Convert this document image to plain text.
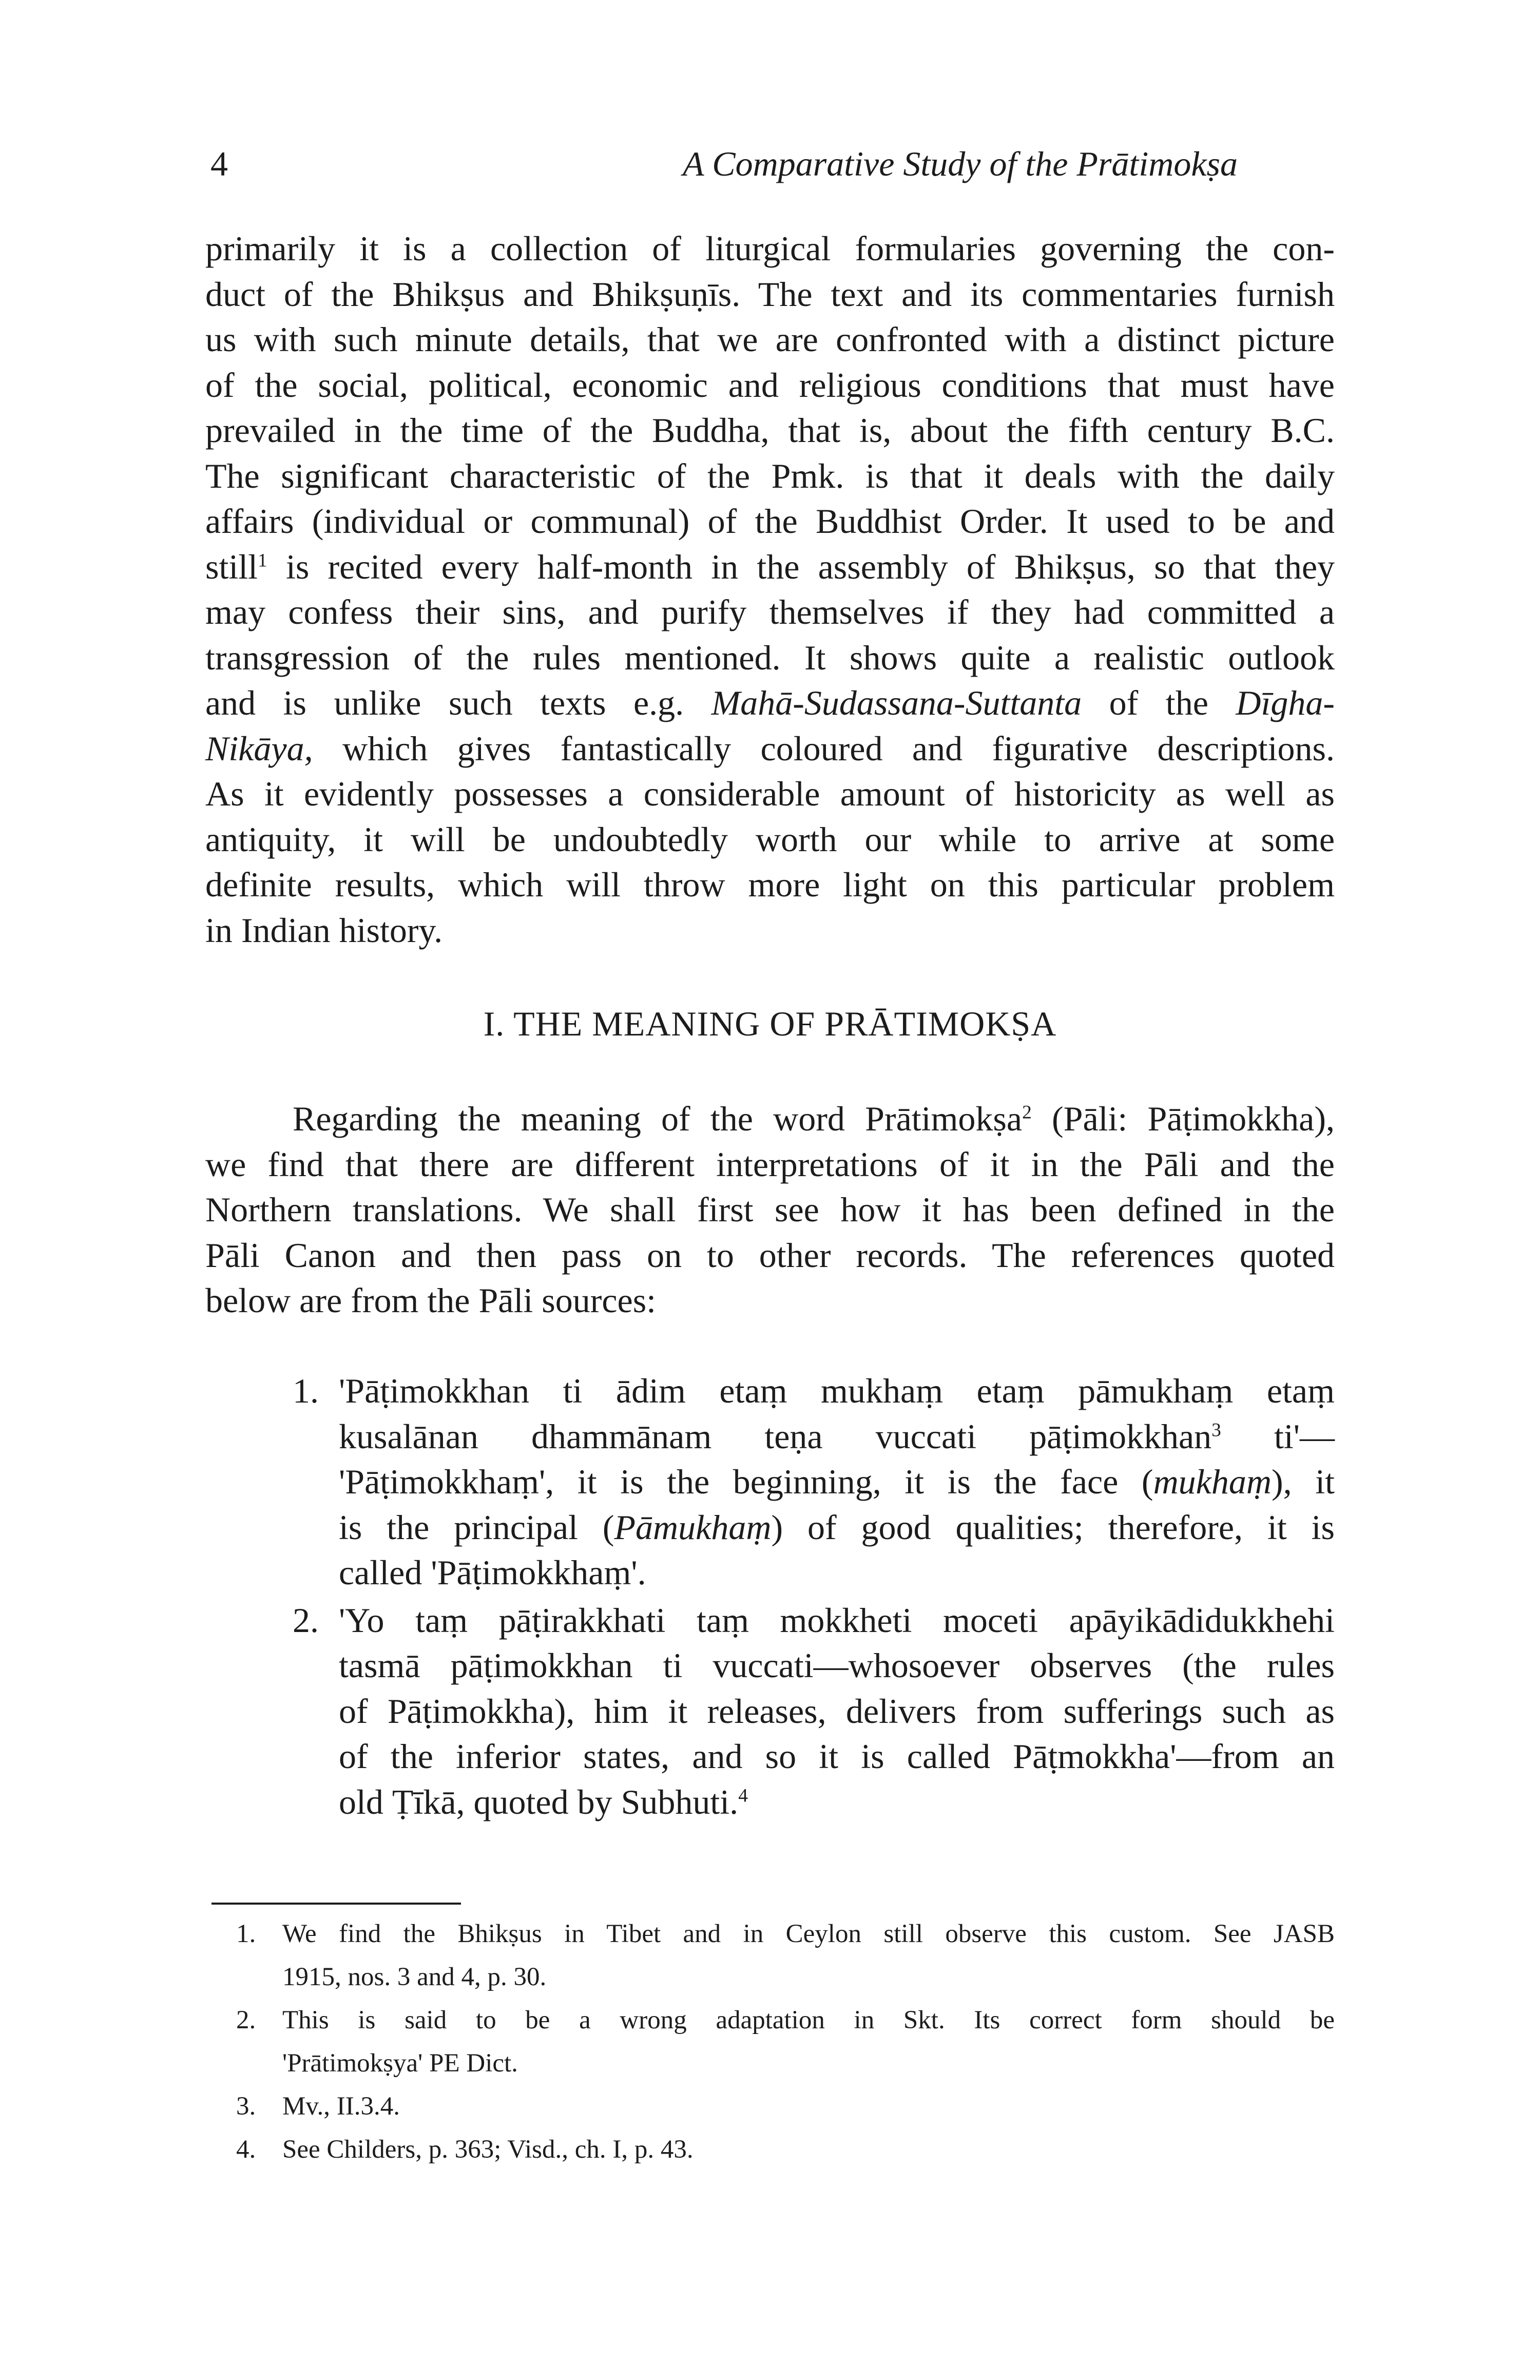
4	A Comparative Study of the Prātimokṣa
primarily it is a collection of liturgical formularies governing the con-
duct of the Bhikṣus and Bhikṣuṇīs. The text and its commentaries furnish
us with such minute details, that we are confronted with a distinct picture
of the social, political, economic and religious conditions that must have
prevailed in the time of the Buddha, that is, about the fifth century B.C.
The significant characteristic of the Pmk. is that it deals with the daily
affairs (individual or communal) of the Buddhist Order. It used to be and
still$^1$ is recited every half-month in the assembly of Bhikṣus, so that they
may confess their sins, and purify themselves if they had committed a
transgression of the rules mentioned. It shows quite a realistic outlook
and is unlike such texts e.g. Mahā-Sudassana-Suttanta of the Dīgha-
Nikāya, which gives fantastically coloured and figurative descriptions.
As it evidently possesses a considerable amount of historicity as well as
antiquity, it will be undoubtedly worth our while to arrive at some
definite results, which will throw more light on this particular problem
in Indian history.
I. THE MEANING OF PRĀTIMOKṢA
Regarding the meaning of the word Prātimokṣa$^2$ (Pāli: Pāṭimokkha),
we find that there are different interpretations of it in the Pāli and the
Northern translations. We shall first see how it has been defined in the
Pāli Canon and then pass on to other records. The references quoted
below are from the Pāli sources:
1. 'Pāṭimokkhan ti ādim etaṃ mukhaṃ etaṃ pāmukhaṃ etaṃ
kusalānan dhammānam teṇa vuccati pāṭimokkhan$^3$ ti'—
'Pāṭimokkhaṃ', it is the beginning, it is the face (mukhaṃ), it
is the principal (Pāmukhaṃ) of good qualities; therefore, it is
called 'Pāṭimokkhaṃ'.
2. 'Yo taṃ pāṭirakkhati taṃ mokkheti moceti apāyikādidukkhehi
tasmā pāṭimokkhan ti vuccati—whosoever observes (the rules
of Pāṭimokkha), him it releases, delivers from sufferings such as
of the inferior states, and so it is called Pāṭmokkha'—from an
old Ṭīkā, quoted by Subhuti.$^4$
1. We find the Bhikṣus in Tibet and in Ceylon still observe this custom. See JASB
1915, nos. 3 and 4, p. 30.
2. This is said to be a wrong adaptation in Skt. Its correct form should be
'Prātimokṣya' PE Dict.
3. Mv., II.3.4.
4. See Childers, p. 363; Visd., ch. I, p. 43.
